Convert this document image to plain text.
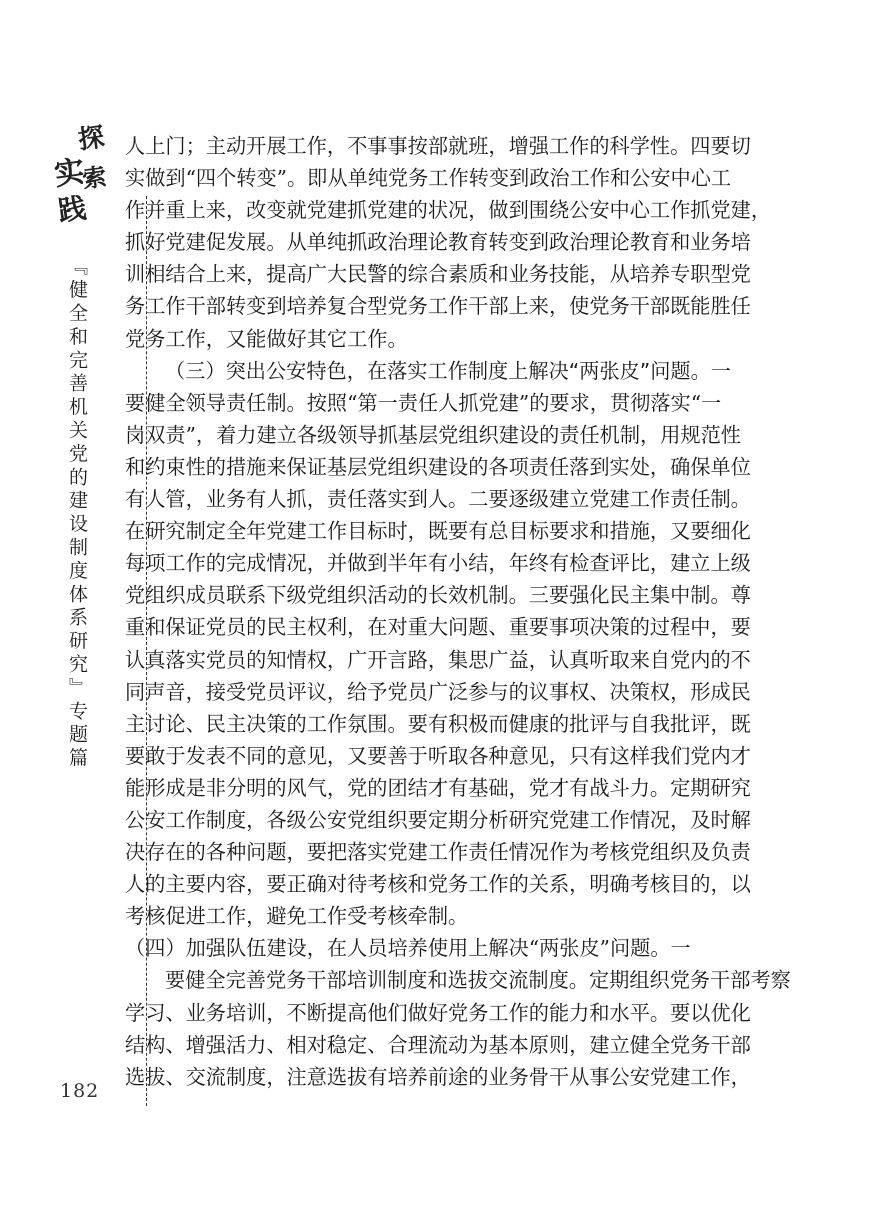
探
实
索
践
『健全和完善机关党的建设制度体系研究』专题篇
182
人上门；主动开展工作，不事事按部就班，增强工作的科学性。四要切
实做到“四个转变”。即从单纯党务工作转变到政治工作和公安中心工
作并重上来，改变就党建抓党建的状况，做到围绕公安中心工作抓党建，
抓好党建促发展。从单纯抓政治理论教育转变到政治理论教育和业务培
训相结合上来，提高广大民警的综合素质和业务技能，从培养专职型党
务工作干部转变到培养复合型党务工作干部上来，使党务干部既能胜任
党务工作，又能做好其它工作。
（三）突出公安特色，在落实工作制度上解决“两张皮”问题。一
要健全领导责任制。按照“第一责任人抓党建”的要求，贯彻落实“一
岗双责”，着力建立各级领导抓基层党组织建设的责任机制，用规范性
和约束性的措施来保证基层党组织建设的各项责任落到实处，确保单位
有人管，业务有人抓，责任落实到人。二要逐级建立党建工作责任制。
在研究制定全年党建工作目标时，既要有总目标要求和措施，又要细化
每项工作的完成情况，并做到半年有小结，年终有检查评比，建立上级
党组织成员联系下级党组织活动的长效机制。三要强化民主集中制。尊
重和保证党员的民主权利，在对重大问题、重要事项决策的过程中，要
认真落实党员的知情权，广开言路，集思广益，认真听取来自党内的不
同声音，接受党员评议，给予党员广泛参与的议事权、决策权，形成民
主讨论、民主决策的工作氛围。要有积极而健康的批评与自我批评，既
要敢于发表不同的意见，又要善于听取各种意见，只有这样我们党内才
能形成是非分明的风气，党的团结才有基础，党才有战斗力。定期研究
公安工作制度，各级公安党组织要定期分析研究党建工作情况，及时解
决存在的各种问题，要把落实党建工作责任情况作为考核党组织及负责
人的主要内容，要正确对待考核和党务工作的关系，明确考核目的，以
考核促进工作，避免工作受考核牵制。
（四）加强队伍建设，在人员培养使用上解决“两张皮”问题。一
要健全完善党务干部培训制度和选拔交流制度。定期组织党务干部考察
学习、业务培训，不断提高他们做好党务工作的能力和水平。要以优化
结构、增强活力、相对稳定、合理流动为基本原则，建立健全党务干部
选拔、交流制度，注意选拔有培养前途的业务骨干从事公安党建工作，
